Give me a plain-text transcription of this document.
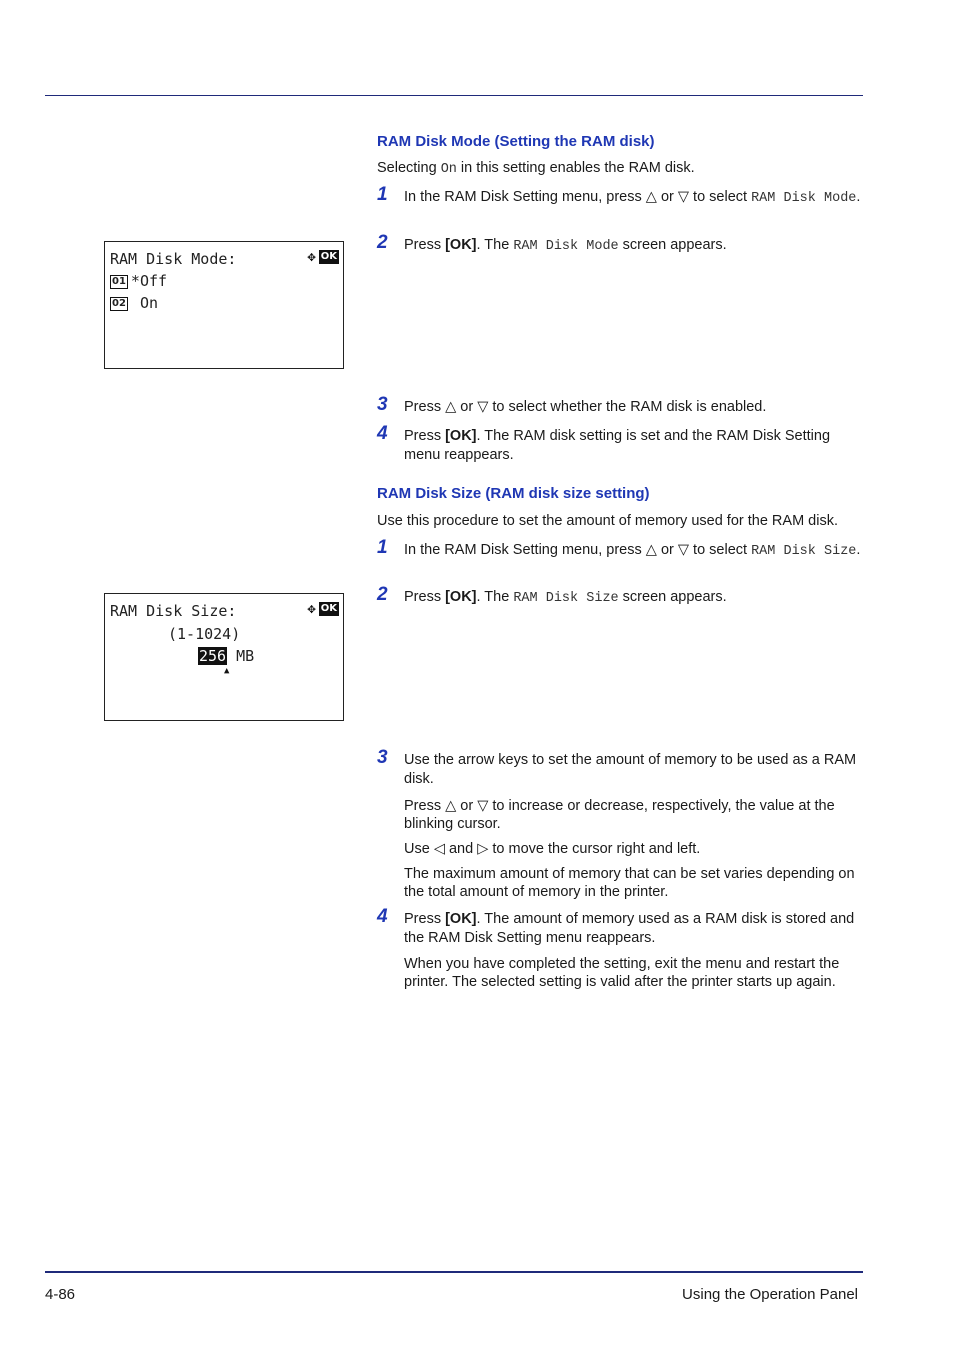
RAM Disk Mode (Setting the RAM disk)
Selecting On in this setting enables the RAM disk.
1 In the RAM Disk Setting menu, press △ or ▽ to select RAM Disk Mode.
2 Press [OK]. The RAM Disk Mode screen appears.
RAM Disk Mode:	✥ OK
01 *Off
02 On
3 Press △ or ▽ to select whether the RAM disk is enabled.
4 Press [OK]. The RAM disk setting is set and the RAM Disk Setting menu reappears.
RAM Disk Size (RAM disk size setting)
Use this procedure to set the amount of memory used for the RAM disk.
1 In the RAM Disk Setting menu, press △ or ▽ to select RAM Disk Size.
2 Press [OK]. The RAM Disk Size screen appears.
RAM Disk Size:	✥ OK
(1-1024)
256 MB
▲
3 Use the arrow keys to set the amount of memory to be used as a RAM disk.
Press △ or ▽ to increase or decrease, respectively, the value at the blinking cursor.
Use ◁ and ▷ to move the cursor right and left.
The maximum amount of memory that can be set varies depending on the total amount of memory in the printer.
4 Press [OK]. The amount of memory used as a RAM disk is stored and the RAM Disk Setting menu reappears.
When you have completed the setting, exit the menu and restart the printer. The selected setting is valid after the printer starts up again.
4-86	Using the Operation Panel
